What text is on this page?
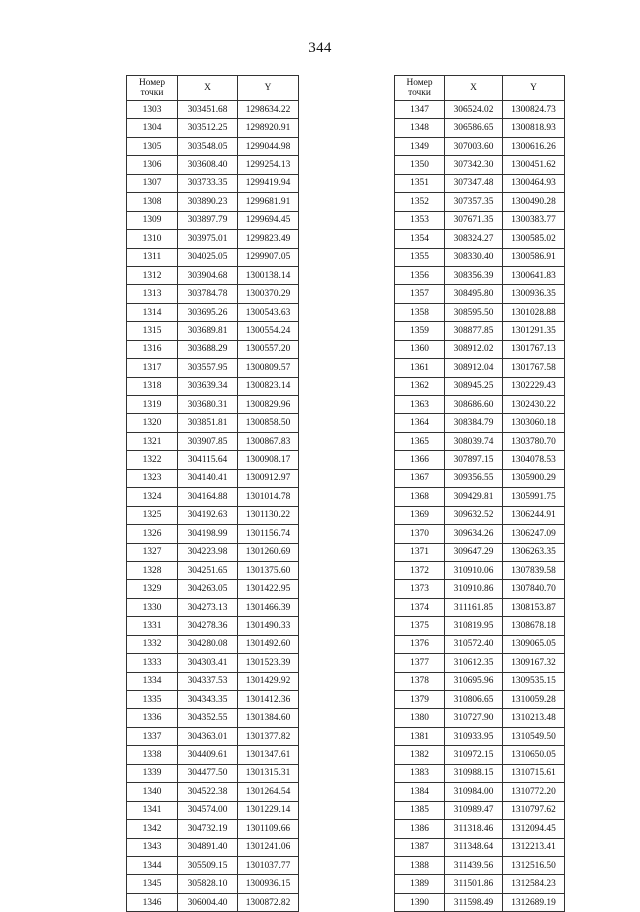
344
Номер
точки	X	Y
1303	303451.68	1298634.22
1304	303512.25	1298920.91
1305	303548.05	1299044.98
1306	303608.40	1299254.13
1307	303733.35	1299419.94
1308	303890.23	1299681.91
1309	303897.79	1299694.45
1310	303975.01	1299823.49
1311	304025.05	1299907.05
1312	303904.68	1300138.14
1313	303784.78	1300370.29
1314	303695.26	1300543.63
1315	303689.81	1300554.24
1316	303688.29	1300557.20
1317	303557.95	1300809.57
1318	303639.34	1300823.14
1319	303680.31	1300829.96
1320	303851.81	1300858.50
1321	303907.85	1300867.83
1322	304115.64	1300908.17
1323	304140.41	1300912.97
1324	304164.88	1301014.78
1325	304192.63	1301130.22
1326	304198.99	1301156.74
1327	304223.98	1301260.69
1328	304251.65	1301375.60
1329	304263.05	1301422.95
1330	304273.13	1301466.39
1331	304278.36	1301490.33
1332	304280.08	1301492.60
1333	304303.41	1301523.39
1334	304337.53	1301429.92
1335	304343.35	1301412.36
1336	304352.55	1301384.60
1337	304363.01	1301377.82
1338	304409.61	1301347.61
1339	304477.50	1301315.31
1340	304522.38	1301264.54
1341	304574.00	1301229.14
1342	304732.19	1301109.66
1343	304891.40	1301241.06
1344	305509.15	1301037.77
1345	305828.10	1300936.15
1346	306004.40	1300872.82
Номер
точки	X	Y
1347	306524.02	1300824.73
1348	306586.65	1300818.93
1349	307003.60	1300616.26
1350	307342.30	1300451.62
1351	307347.48	1300464.93
1352	307357.35	1300490.28
1353	307671.35	1300383.77
1354	308324.27	1300585.02
1355	308330.40	1300586.91
1356	308356.39	1300641.83
1357	308495.80	1300936.35
1358	308595.50	1301028.88
1359	308877.85	1301291.35
1360	308912.02	1301767.13
1361	308912.04	1301767.58
1362	308945.25	1302229.43
1363	308686.60	1302430.22
1364	308384.79	1303060.18
1365	308039.74	1303780.70
1366	307897.15	1304078.53
1367	309356.55	1305900.29
1368	309429.81	1305991.75
1369	309632.52	1306244.91
1370	309634.26	1306247.09
1371	309647.29	1306263.35
1372	310910.06	1307839.58
1373	310910.86	1307840.70
1374	311161.85	1308153.87
1375	310819.95	1308678.18
1376	310572.40	1309065.05
1377	310612.35	1309167.32
1378	310695.96	1309535.15
1379	310806.65	1310059.28
1380	310727.90	1310213.48
1381	310933.95	1310549.50
1382	310972.15	1310650.05
1383	310988.15	1310715.61
1384	310984.00	1310772.20
1385	310989.47	1310797.62
1386	311318.46	1312094.45
1387	311348.64	1312213.41
1388	311439.56	1312516.50
1389	311501.86	1312584.23
1390	311598.49	1312689.19
